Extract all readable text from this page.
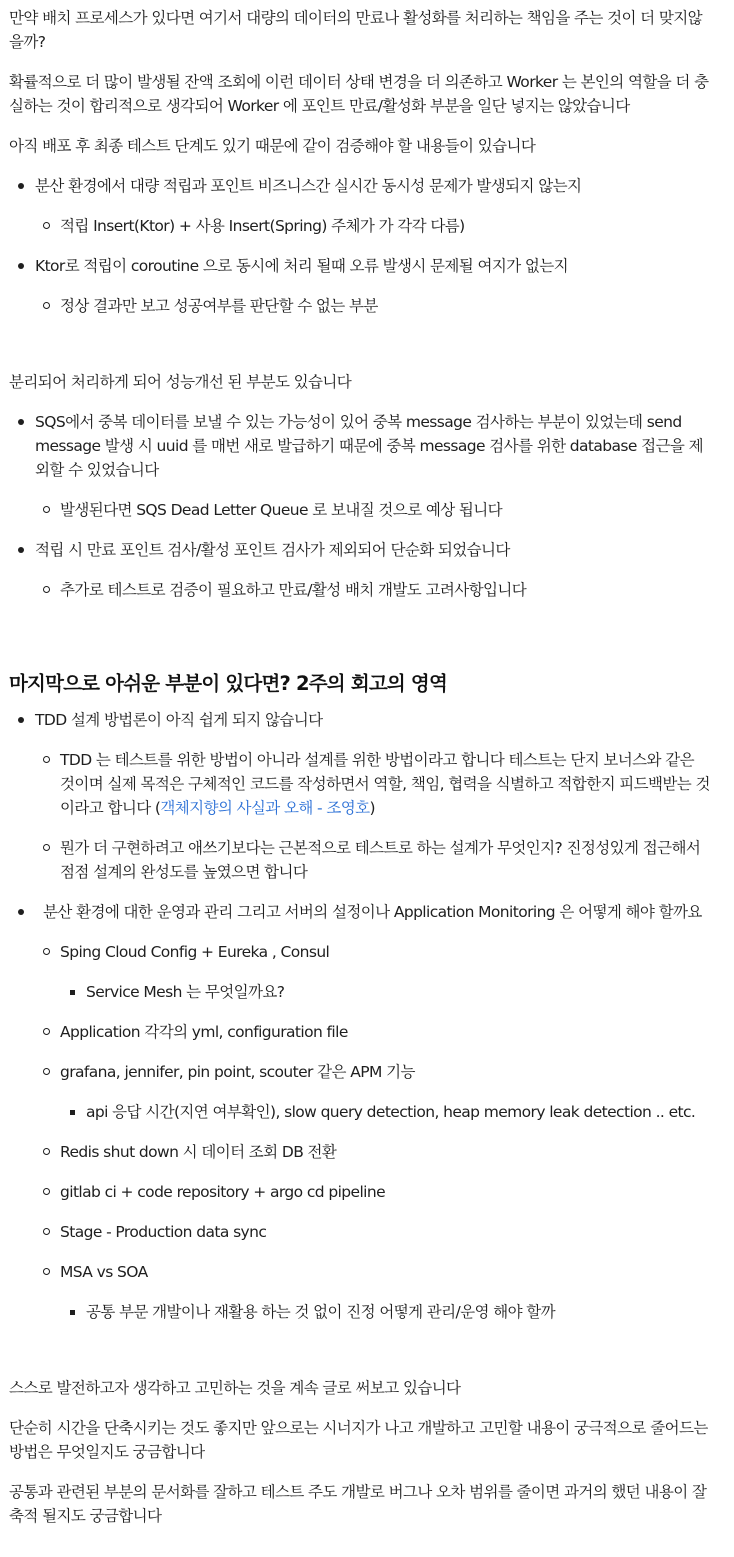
만약 배치 프로세스가 있다면 여기서 대량의 데이터의 만료나 활성화를 처리하는 책임을 주는 것이 더 맞지않을까?

확률적으로 더 많이 발생될 잔액 조회에 이런 데이터 상태 변경을 더 의존하고 Worker 는 본인의 역할을 더 충실하는 것이 합리적으로 생각되어 Worker 에 포인트 만료/활성화 부분을 일단 넣지는 않았습니다

아직 배포 후 최종 테스트 단계도 있기 때문에 같이 검증해야 할 내용들이 있습니다

분산 환경에서 대량 적립과 포인트 비즈니스간 실시간 동시성 문제가 발생되지 않는지
적립 Insert(Ktor) + 사용 Insert(Spring) 주체가 가 각각 다름)
Ktor로 적립이 coroutine 으로 동시에 처리 될때 오류 발생시 문제될 여지가 없는지
정상 결과만 보고 성공여부를 판단할 수 없는 부분

분리되어 처리하게 되어 성능개선 된 부분도 있습니다

SQS에서 중복 데이터를 보낼 수 있는 가능성이 있어 중복 message 검사하는 부분이 있었는데 send message 발생 시 uuid 를 매번 새로 발급하기 때문에 중복 message 검사를 위한 database 접근을 제외할 수 있었습니다
발생된다면 SQS Dead Letter Queue 로 보내질 것으로 예상 됩니다
적립 시 만료 포인트 검사/활성 포인트 검사가 제외되어 단순화 되었습니다
추가로 테스트로 검증이 필요하고 만료/활성 배치 개발도 고려사항입니다
마지막으로 아쉬운 부분이 있다면? 2주의 회고의 영역
TDD 설계 방법론이 아직 쉽게 되지 않습니다
TDD 는 테스트를 위한 방법이 아니라 설계를 위한 방법이라고 합니다 테스트는 단지 보너스와 같은 것이며 실제 목적은 구체적인 코드를 작성하면서 역할, 책임, 협력을 식별하고 적합한지 피드백받는 것이라고 합니다 (객체지향의 사실과 오해 - 조영호)
뭔가 더 구현하려고 애쓰기보다는 근본적으로 테스트로 하는 설계가 무엇인지? 진정성있게 접근해서 점점 설계의 완성도를 높였으면 합니다
분산 환경에 대한 운영과 관리 그리고 서버의 설정이나 Application Monitoring 은 어떻게 해야 할까요
Sping Cloud Config + Eureka , Consul
Service Mesh 는 무엇일까요?
Application 각각의 yml, configuration file
grafana, jennifer, pin point, scouter 같은 APM 기능
api 응답 시간(지연 여부확인), slow query detection, heap memory leak detection .. etc.
Redis shut down 시 데이터 조회 DB 전환
gitlab ci + code repository + argo cd pipeline
Stage - Production data sync
MSA vs SOA
공통 부문 개발이나 재활용 하는 것 없이 진정 어떻게 관리/운영 해야 할까

스스로 발전하고자 생각하고 고민하는 것을 계속 글로 써보고 있습니다

단순히 시간을 단축시키는 것도 좋지만 앞으로는 시너지가 나고 개발하고 고민할 내용이 궁극적으로 줄어드는 방법은 무엇일지도 궁금합니다

공통과 관련된 부분의 문서화를 잘하고 테스트 주도 개발로 버그나 오차 범위를 줄이면 과거의 했던 내용이 잘 축적 될지도 궁금합니다
